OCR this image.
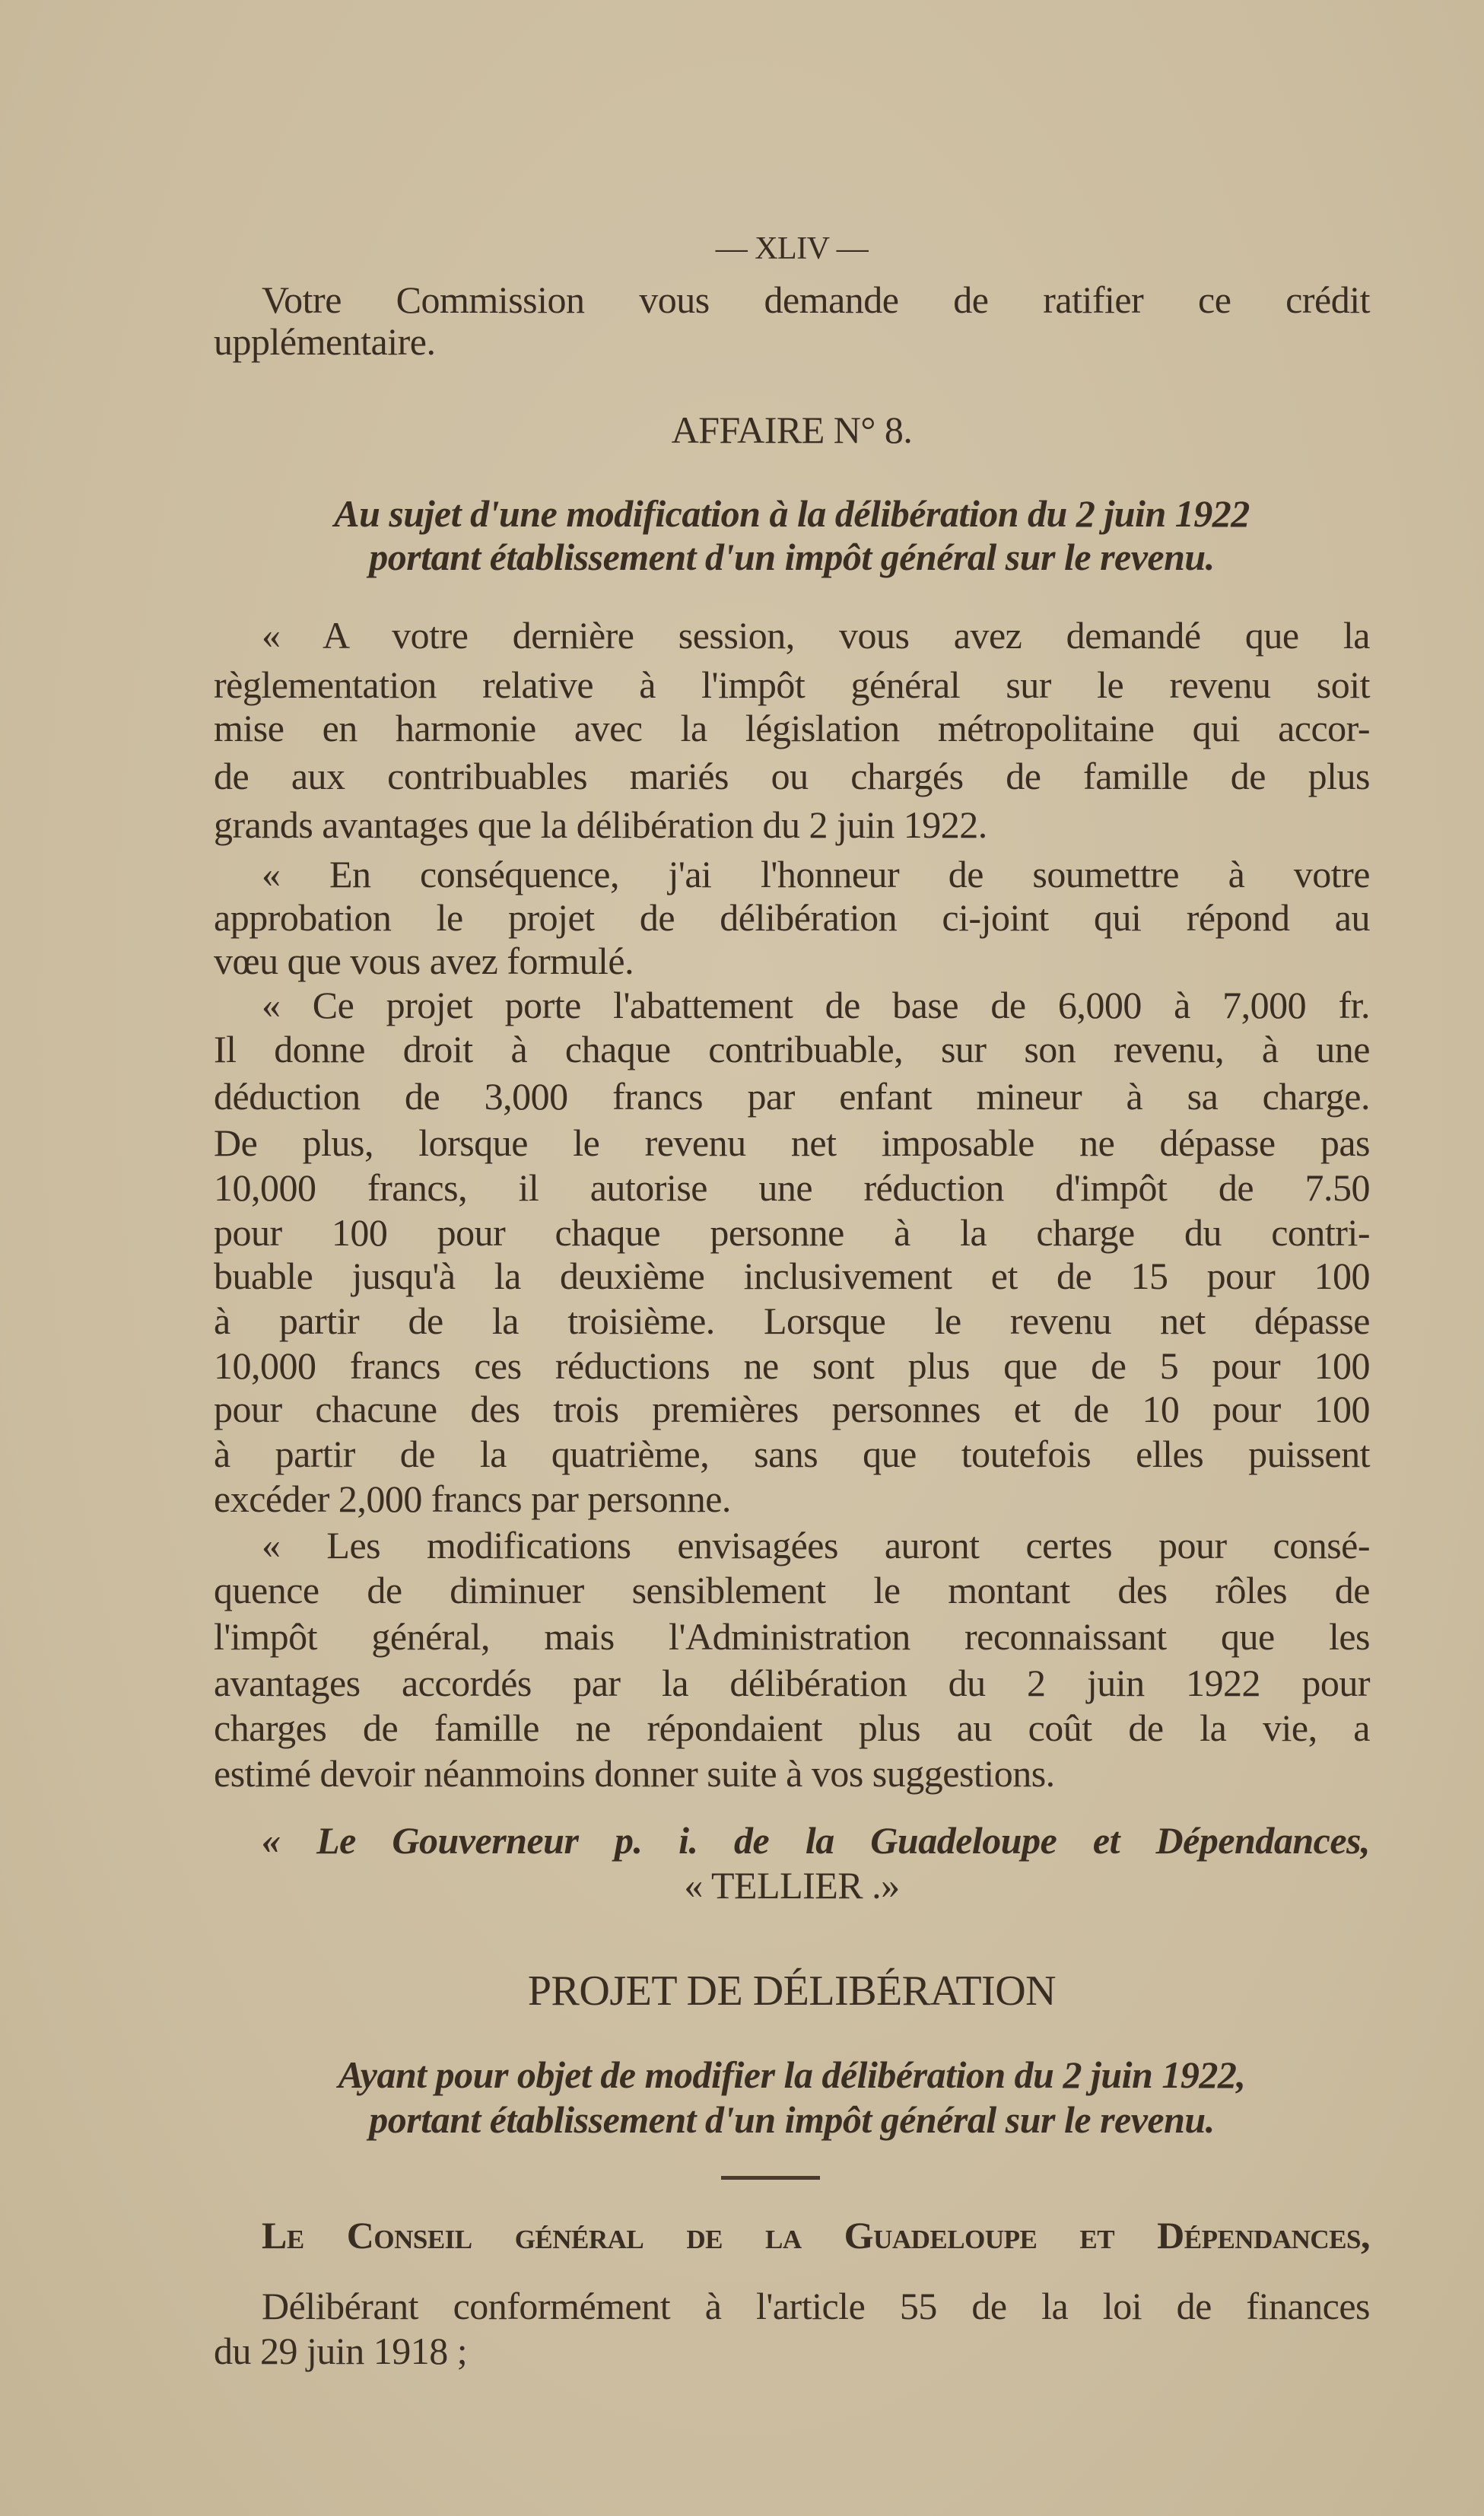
— XLIV —
Votre Commission vous demande de ratifier ce crédit
upplémentaire.
AFFAIRE N° 8.
Au sujet d'une modification à la délibération du 2 juin 1922
portant établissement d'un impôt général sur le revenu.
« A votre dernière session, vous avez demandé que la
règlementation relative à l'impôt général sur le revenu soit
mise en harmonie avec la législation métropolitaine qui accor-
de aux contribuables mariés ou chargés de famille de plus
grands avantages que la délibération du 2 juin 1922.
« En conséquence, j'ai l'honneur de soumettre à votre
approbation le projet de délibération ci-joint qui répond au
vœu que vous avez formulé.
« Ce projet porte l'abattement de base de 6,000 à 7,000 fr.
Il donne droit à chaque contribuable, sur son revenu, à une
déduction de 3,000 francs par enfant mineur à sa charge.
De plus, lorsque le revenu net imposable ne dépasse pas
10,000 francs, il autorise une réduction d'impôt de 7.50
pour 100 pour chaque personne à la charge du contri-
buable jusqu'à la deuxième inclusivement et de 15 pour 100
à partir de la troisième. Lorsque le revenu net dépasse
10,000 francs ces réductions ne sont plus que de 5 pour 100
pour chacune des trois premières personnes et de 10 pour 100
à partir de la quatrième, sans que toutefois elles puissent
excéder 2,000 francs par personne.
« Les modifications envisagées auront certes pour consé-
quence de diminuer sensiblement le montant des rôles de
l'impôt général, mais l'Administration reconnaissant que les
avantages accordés par la délibération du 2 juin 1922 pour
charges de famille ne répondaient plus au coût de la vie, a
estimé devoir néanmoins donner suite à vos suggestions.
« Le Gouverneur p. i. de la Guadeloupe et Dépendances,
« TELLIER .»
PROJET DE DÉLIBÉRATION
Ayant pour objet de modifier la délibération du 2 juin 1922,
portant établissement d'un impôt général sur le revenu.
Le Conseil général de la Guadeloupe et Dépendances,
Délibérant conformément à l'article 55 de la loi de finances
du 29 juin 1918 ;
